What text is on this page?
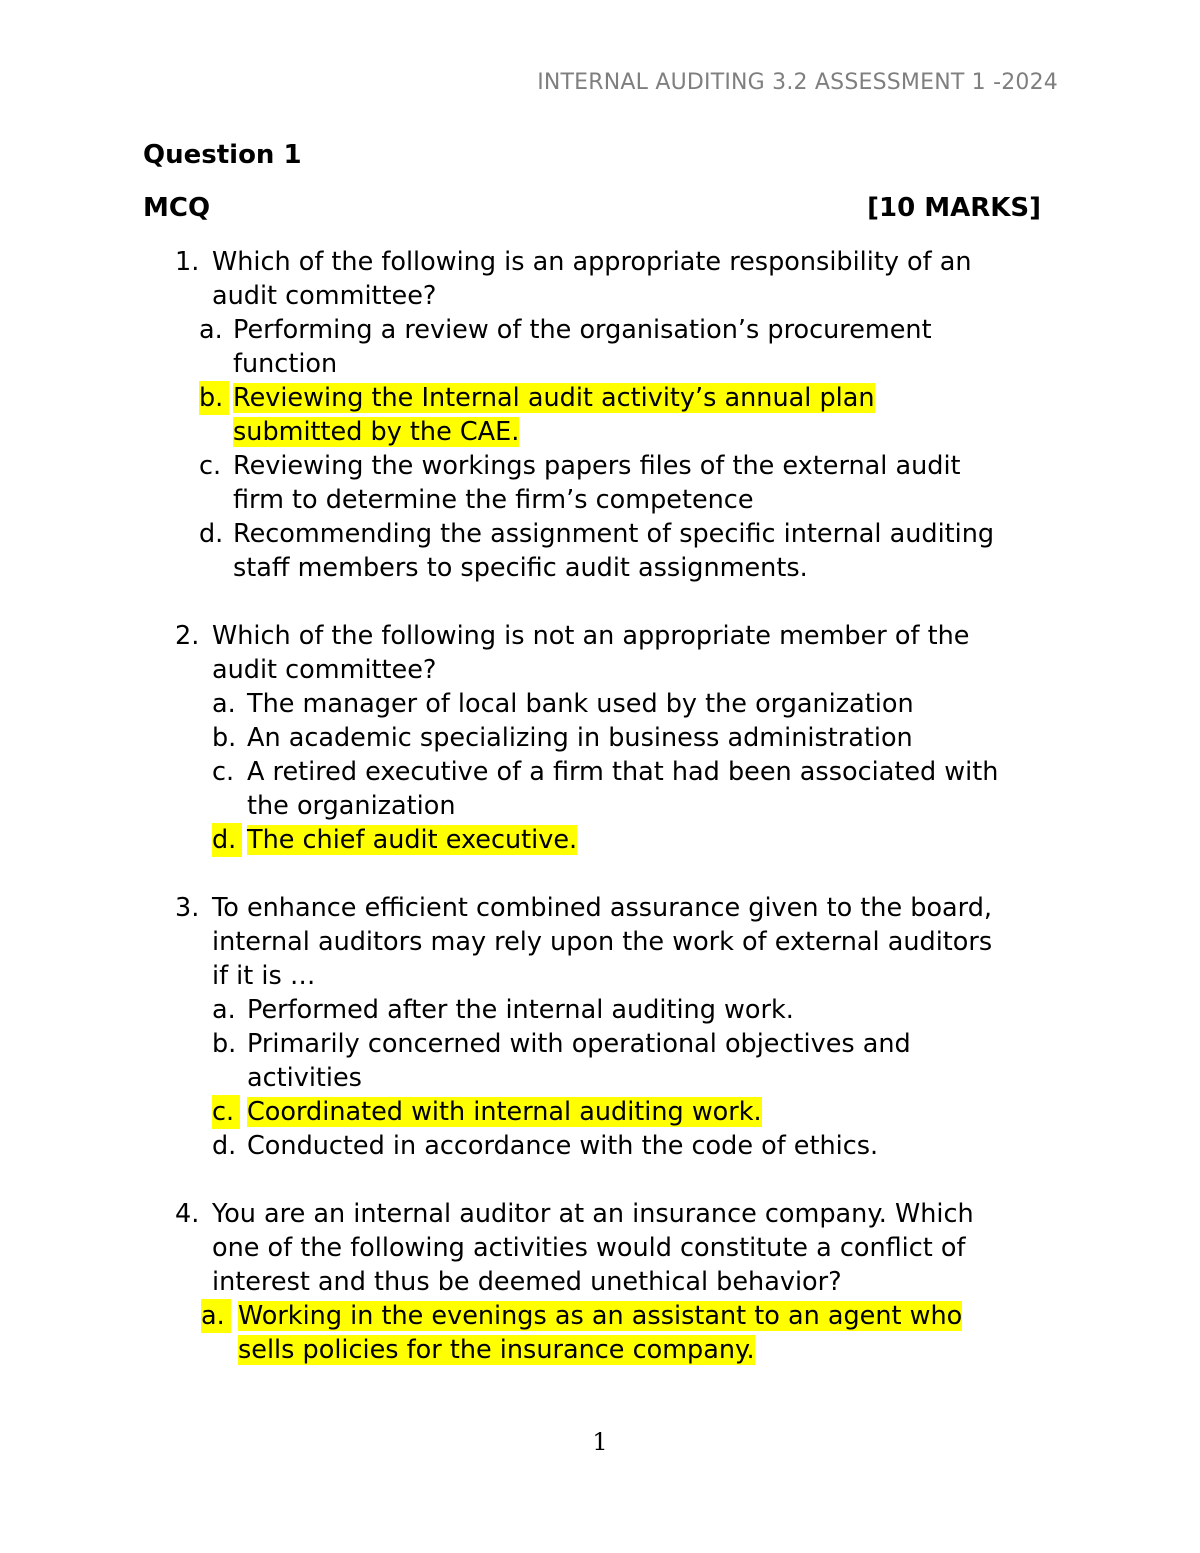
INTERNAL AUDITING 3.2 ASSESSMENT 1 -2024
Question 1
MCQ	[10 MARKS]
1. Which of the following is an appropriate responsibility of an
audit committee?
a. Performing a review of the organisation’s procurement
function
b. Reviewing the Internal audit activity’s annual plan
submitted by the CAE.
c. Reviewing the workings papers files of the external audit
firm to determine the firm’s competence
d. Recommending the assignment of specific internal auditing
staff members to specific audit assignments.
2. Which of the following is not an appropriate member of the
audit committee?
a. The manager of local bank used by the organization
b. An academic specializing in business administration
c. A retired executive of a firm that had been associated with
the organization
d. The chief audit executive.
3. To enhance efficient combined assurance given to the board,
internal auditors may rely upon the work of external auditors
if it is …
a. Performed after the internal auditing work.
b. Primarily concerned with operational objectives and
activities
c. Coordinated with internal auditing work.
d. Conducted in accordance with the code of ethics.
4. You are an internal auditor at an insurance company. Which
one of the following activities would constitute a conflict of
interest and thus be deemed unethical behavior?
a. Working in the evenings as an assistant to an agent who
sells policies for the insurance company.
1
